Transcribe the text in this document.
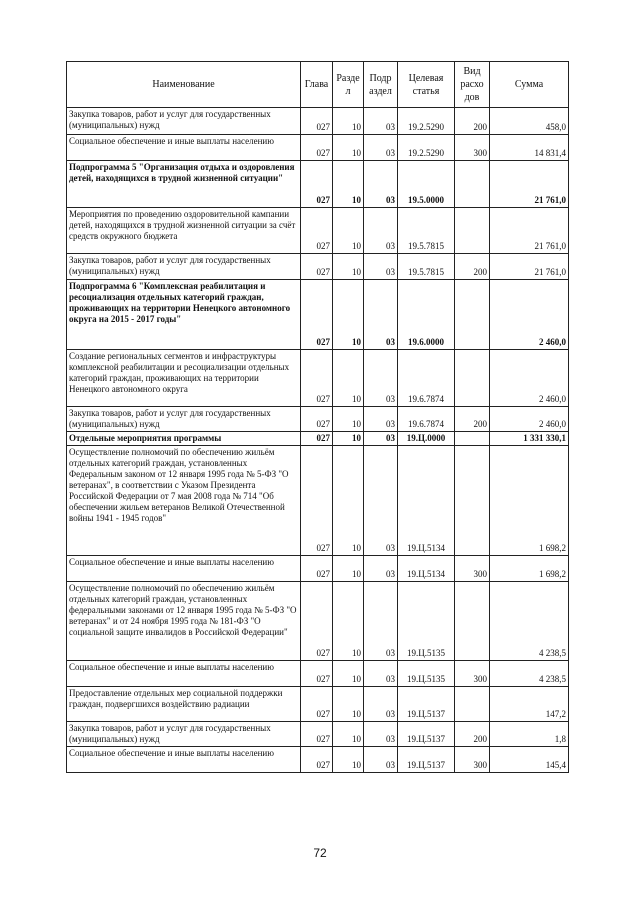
Наименование	Глава	Разде л	Подр аздел	Целевая статья	Вид расхо дов	Сумма
Закупка товаров, работ и услуг для государственных (муниципальных) нужд	027	10	03	19.2.5290	200	458,0
Социальное обеспечение и иные выплаты населению	027	10	03	19.2.5290	300	14 831,4
Подпрограмма 5 "Организация отдыха и оздоровления детей, находящихся в трудной жизненной ситуации"	027	10	03	19.5.0000		21 761,0
Мероприятия по проведению оздоровительной кампании детей, находящихся в трудной жизненной ситуации за счёт средств окружного бюджета	027	10	03	19.5.7815		21 761,0
Закупка товаров, работ и услуг для государственных (муниципальных) нужд	027	10	03	19.5.7815	200	21 761,0
Подпрограмма 6 "Комплексная реабилитация и ресоциализация отдельных категорий граждан, проживающих на территории Ненецкого автономного округа на 2015 - 2017 годы"	027	10	03	19.6.0000		2 460,0
Создание региональных сегментов и инфраструктуры комплексной реабилитации и ресоциализации отдельных категорий граждан, проживающих на территории Ненецкого автономного округа	027	10	03	19.6.7874		2 460,0
Закупка товаров, работ и услуг для государственных (муниципальных) нужд	027	10	03	19.6.7874	200	2 460,0
Отдельные мероприятия программы	027	10	03	19.Ц.0000		1 331 330,1
Осуществление полномочий по обеспечению жильём отдельных категорий граждан, установленных Федеральным законом от 12 января 1995 года № 5-ФЗ "О ветеранах", в соответствии с Указом Президента Российской Федерации от 7 мая 2008 года № 714 "Об обеспечении жильем ветеранов Великой Отечественной войны 1941 - 1945 годов"	027	10	03	19.Ц.5134		1 698,2
Социальное обеспечение и иные выплаты населению	027	10	03	19.Ц.5134	300	1 698,2
Осуществление полномочий по обеспечению жильём отдельных категорий граждан, установленных федеральными законами от 12 января 1995 года № 5-ФЗ "О ветеранах" и от 24 ноября 1995 года № 181-ФЗ "О социальной защите инвалидов в Российской Федерации"	027	10	03	19.Ц.5135		4 238,5
Социальное обеспечение и иные выплаты населению	027	10	03	19.Ц.5135	300	4 238,5
Предоставление отдельных мер социальной поддержки граждан, подвергшихся воздействию радиации	027	10	03	19.Ц.5137		147,2
Закупка товаров, работ и услуг для государственных (муниципальных) нужд	027	10	03	19.Ц.5137	200	1,8
Социальное обеспечение и иные выплаты населению	027	10	03	19.Ц.5137	300	145,4
72
